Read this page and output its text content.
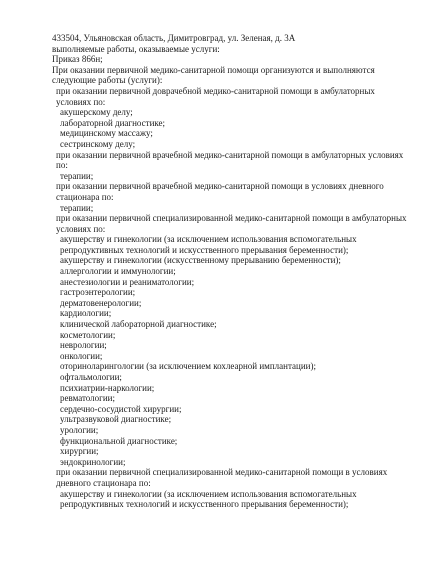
433504, Ульяновская область, Димитровград, ул. Зеленая, д. 3А

выполняемые работы, оказываемые услуги:

Приказ 866н;

При оказании первичной медико-санитарной помощи организуются и выполняются следующие работы (услуги):

при оказании первичной доврачебной медико-санитарной помощи в амбулаторных условиях по:

акушерскому делу;

лабораторной диагностике;

медицинскому массажу;

сестринскому делу;

при оказании первичной врачебной медико-санитарной помощи в амбулаторных условиях по:

терапии;

при оказании первичной врачебной медико-санитарной помощи в условиях дневного стационара по:

терапии;

при оказании первичной специализированной медико-санитарной помощи в амбулаторных условиях по:

акушерству и гинекологии (за исключением использования вспомогательных репродуктивных технологий и искусственного прерывания беременности);

акушерству и гинекологии (искусственному прерыванию беременности);

аллергологии и иммунологии;

анестезиологии и реаниматологии;

гастроэнтерологии;

дерматовенерологии;

кардиологии;

клинической лабораторной диагностике;

косметологии;

неврологии;

онкологии;

оториноларингологии (за исключением кохлеарной имплантации);

офтальмологии;

психиатрии-наркологии;

ревматологии;

сердечно-сосудистой хирургии;

ультразвуковой диагностике;

урологии;

функциональной диагностике;

хирургии;

эндокринологии;

при оказании первичной специализированной медико-санитарной помощи в условиях дневного стационара по:

акушерству и гинекологии (за исключением использования вспомогательных репродуктивных технологий и искусственного прерывания беременности);
